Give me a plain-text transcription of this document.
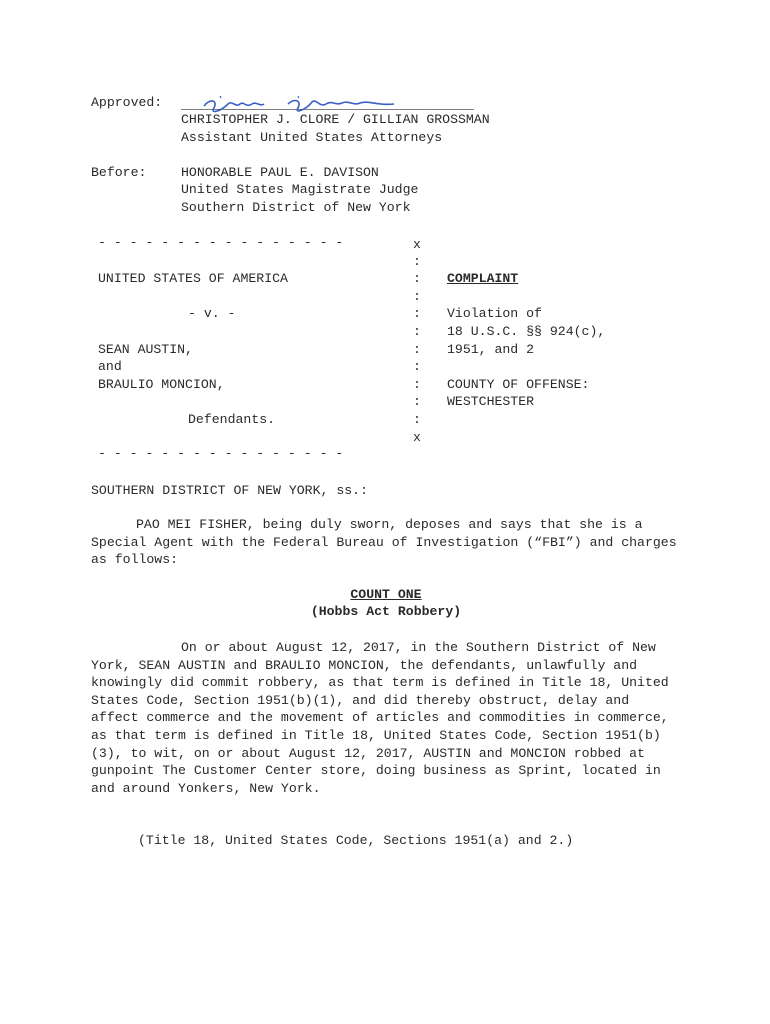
Approved: _____________________________________
CHRISTOPHER J. CLORE / GILLIAN GROSSMAN
Assistant United States Attorneys
Before:	HONORABLE PAUL E. DAVISON
United States Magistrate Judge
Southern District of New York
- - - - - - - - - - - - - - - -	x
:
:
:
:
:
:
:
:
:
:
x
- - - - - - - - - - - - - - - -
UNITED STATES OF AMERICA
- v. -
SEAN AUSTIN,
and
BRAULIO MONCION,
Defendants.
COMPLAINT
Violation of
18 U.S.C. §§ 924(c),
1951, and 2
COUNTY OF OFFENSE:
WESTCHESTER
SOUTHERN DISTRICT OF NEW YORK, ss.:
PAO MEI FISHER, being duly sworn, deposes and says that she is a Special Agent with the Federal Bureau of Investigation (“FBI”) and charges as follows:
COUNT ONE
(Hobbs Act Robbery)
On or about August 12, 2017, in the Southern District of New York, SEAN AUSTIN and BRAULIO MONCION, the defendants, unlawfully and knowingly did commit robbery, as that term is defined in Title 18, United States Code, Section 1951(b)(1), and did thereby obstruct, delay and affect commerce and the movement of articles and commodities in commerce, as that term is defined in Title 18, United States Code, Section 1951(b)(3), to wit, on or about August 12, 2017, AUSTIN and MONCION robbed at gunpoint The Customer Center store, doing business as Sprint, located in and around Yonkers, New York.
(Title 18, United States Code, Sections 1951(a) and 2.)
